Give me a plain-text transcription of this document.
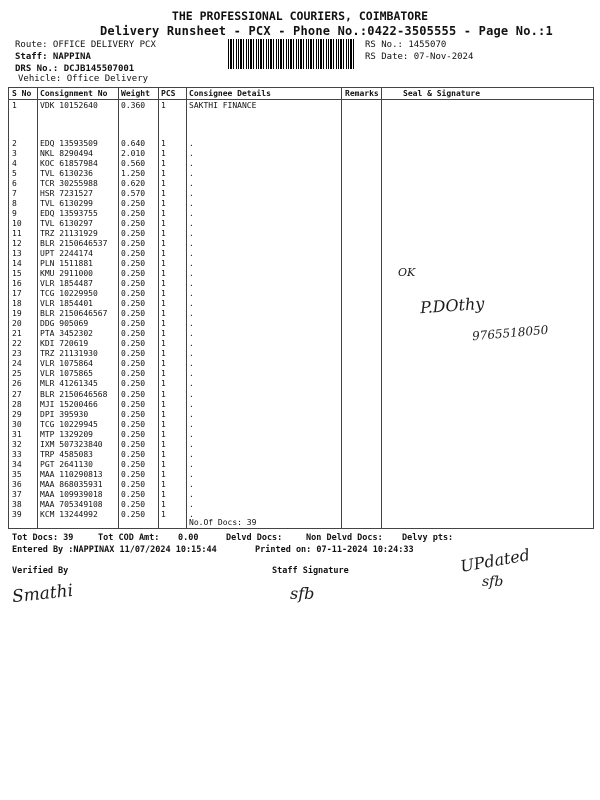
THE PROFESSIONAL COURIERS, COIMBATORE
Delivery Runsheet - PCX - Phone No.:0422-3505555 - Page No.:1
Route: OFFICE DELIVERY PCX
Staff: NAPPINA
DRS No.: DCJB145507001
Vehicle: Office Delivery
RS No.: 1455070
RS Date: 07-Nov-2024
S No Consignment No Weight PCS Consignee Details	Remarks	Seal & Signature
1	VDK 10152640	0.360 1	SAKTHI FINANCE
2	EDQ 13593509	0.640 1	.
3	NKL 8290494	2.010 1	.
4	KOC 61857984	0.560 1	.
5	TVL 6130236	1.250 1	.
6	TCR 30255988	0.620 1	.
7	HSR 7231527	0.570 1	.
8	TVL 6130299	0.250 1	.
9	EDQ 13593755	0.250 1	.
10 TVL 6130297	0.250 1	.
11 TRZ 21131929	0.250 1	.
12 BLR 2150646537 0.250 1	.
13 UPT 2244174	0.250 1	.
14 PLN 1511881	0.250 1	.
15 KMU 2911000	0.250 1	.
16 VLR 1854487	0.250 1	.
17 TCG 10229950	0.250 1	.
18 VLR 1854401	0.250 1	.
19 BLR 2150646567 0.250 1	.
20 DDG 905069	0.250 1	.
21 PTA 3452302	0.250 1	.
22 KDI 720619	0.250 1	.
23 TRZ 21131930	0.250 1	.
24 VLR 1075864	0.250 1	.
25 VLR 1075865	0.250 1	.
26 MLR 41261345	0.250 1	.
27 BLR 2150646568 0.250 1	.
28 MJI 15200466	0.250 1	.
29 DPI 395930	0.250 1	.
30 TCG 10229945	0.250 1	.
31 MTP 1329209	0.250 1	.
32 IXM 507323840 0.250 1	.
33 TRP 4585083	0.250 1	.
34 PGT 2641130	0.250 1	.
35 MAA 110290813 0.250 1	.
36 MAA 868035931 0.250 1	.
37 MAA 109939018 0.250 1	.
38 MAA 705349108 0.250 1	.
39 KCM 13244992	0.250 1	.
No.Of Docs: 39
OK
P.DOthy
9765518050
Tot Docs: 39	Tot COD Amt: 0.00	Delvd Docs:	Non Delvd Docs: Delvy pts:
Entered By :NAPPINAX 11/07/2024 10:15:44	Printed on: 07-11-2024 10:24:33
Verified By	Staff Signature
Smathi	sfb
UPdated
sfb
